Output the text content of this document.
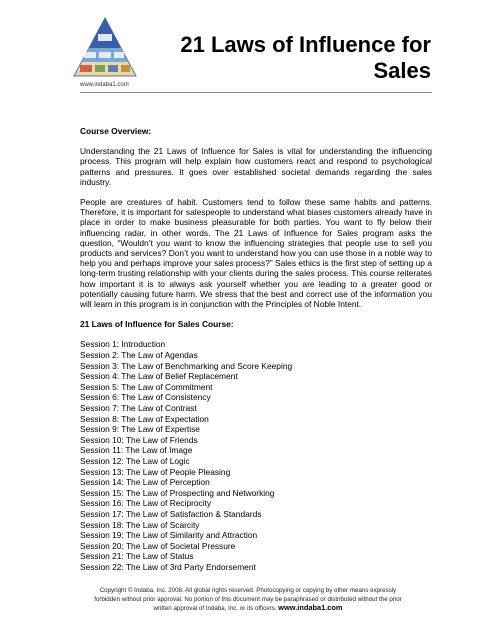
www.indaba1.com
21 Laws of Influence for
Sales
Course Overview:

Understanding the 21 Laws of Influence for Sales is vital for understanding the influencing process. This program will help explain how customers react and respond to psychological patterns and pressures. It goes over established societal demands regarding the sales industry.

People are creatures of habit. Customers tend to follow these same habits and patterns. Therefore, it is important for salespeople to understand what biases customers already have in place in order to make business pleasurable for both parties. You want to fly below their influencing radar, in other words. The 21 Laws of Influence for Sales program asks the question, “Wouldn’t you want to know the influencing strategies that people use to sell you products and services? Don’t you want to understand how you can use those in a noble way to help you and perhaps improve your sales process?” Sales ethics is the first step of setting up a long-term trusting relationship with your clients during the sales process. This course reiterates how important it is to always ask yourself whether you are leading to a greater good or potentially causing future harm. We stress that the best and correct use of the information you will learn in this program is in conjunction with the Principles of Noble Intent.

21 Laws of Influence for Sales Course:
Session 1: Introduction
Session 2: The Law of Agendas
Session 3: The Law of Benchmarking and Score Keeping
Session 4: The Law of Belief Replacement
Session 5: The Law of Commitment
Session 6: The Law of Consistency
Session 7: The Law of Contrast
Session 8: The Law of Expectation
Session 9: The Law of Expertise
Session 10: The Law of Friends
Session 11: The Law of Image
Session 12: The Law of Logic
Session 13: The Law of People Pleasing
Session 14: The Law of Perception
Session 15: The Law of Prospecting and Networking
Session 16: The Law of Reciprocity
Session 17: The Law of Satisfaction & Standards
Session 18: The Law of Scarcity
Session 19: The Law of Similarity and Attraction
Session 20: The Law of Societal Pressure
Session 21: The Law of Status
Session 22: The Law of 3rd Party Endorsement
Copyright © Indaba, Inc. 2008. All global rights reserved. Photocopying or copying by other means expressly
forbidden without prior approval. No portion of this document may be paraphrased or distributed without the prior
written approval of Indaba, Inc. or its officers. www.indaba1.com
